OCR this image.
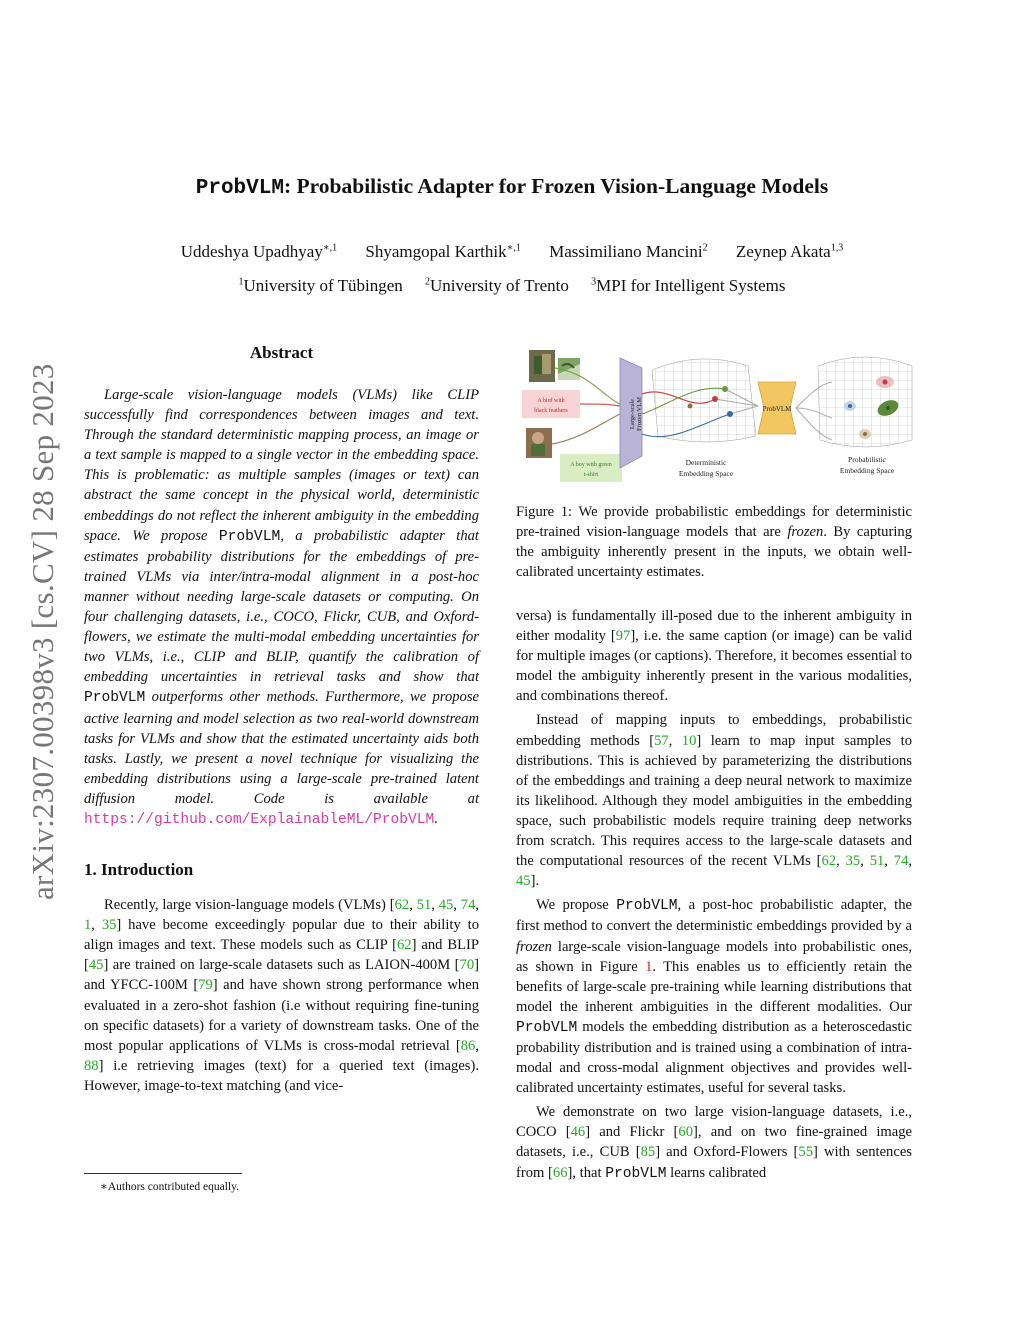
arXiv:2307.00398v3 [cs.CV] 28 Sep 2023
ProbVLM: Probabilistic Adapter for Frozen Vision-Language Models
Uddeshya Upadhyay$^{∗,1}$ Shyamgopal Karthik$^{∗,1}$ Massimiliano Mancini$^2$ Zeynep Akata$^{1,3}$
$^1$University of Tübingen $^2$University of Trento $^3$MPI for Intelligent Systems
Abstract

Large-scale vision-language models (VLMs) like CLIP successfully find correspondences between images and text. Through the standard deterministic mapping process, an image or a text sample is mapped to a single vector in the embedding space. This is problematic: as multiple samples (images or text) can abstract the same concept in the physical world, deterministic embeddings do not reflect the inherent ambiguity in the embedding space. We propose ProbVLM, a probabilistic adapter that estimates probability distributions for the embeddings of pre-trained VLMs via inter/intra-modal alignment in a post-hoc manner without needing large-scale datasets or computing. On four challenging datasets, i.e., COCO, Flickr, CUB, and Oxford-flowers, we estimate the multi-modal embedding uncertainties for two VLMs, i.e., CLIP and BLIP, quantify the calibration of embedding uncertainties in retrieval tasks and show that ProbVLM outperforms other methods. Furthermore, we propose active learning and model selection as two real-world downstream tasks for VLMs and show that the estimated uncertainty aids both tasks. Lastly, we present a novel technique for visualizing the embedding distributions using a large-scale pre-trained latent diffusion model. Code is available at https://github.com/ExplainableML/ProbVLM.

1. Introduction

Recently, large vision-language models (VLMs) [62, 51, 45, 74, 1, 35] have become exceedingly popular due to their ability to align images and text. These models such as CLIP [62] and BLIP [45] are trained on large-scale datasets such as LAION-400M [70] and YFCC-100M [79] and have shown strong performance when evaluated in a zero-shot fashion (i.e without requiring fine-tuning on specific datasets) for a variety of downstream tasks. One of the most popular applications of VLMs is cross-modal retrieval [86, 88] i.e retrieving images (text) for a queried text (images). However, image-to-text matching (and vice-

∗Authors contributed equally.
A bird with
black feathers
A boy with green
t-shirt
Large-scale Frozen VLM
Deterministic
Embedding Space
ProbVLM
Probabilistic
Embedding Space
Figure 1: We provide probabilistic embeddings for deterministic pre-trained vision-language models that are frozen. By capturing the ambiguity inherently present in the inputs, we obtain well-calibrated uncertainty estimates.

versa) is fundamentally ill-posed due to the inherent ambiguity in either modality [97], i.e. the same caption (or image) can be valid for multiple images (or captions). Therefore, it becomes essential to model the ambiguity inherently present in the various modalities, and combinations thereof.

Instead of mapping inputs to embeddings, probabilistic embedding methods [57, 10] learn to map input samples to distributions. This is achieved by parameterizing the distributions of the embeddings and training a deep neural network to maximize its likelihood. Although they model ambiguities in the embedding space, such probabilistic models require training deep networks from scratch. This requires access to the large-scale datasets and the computational resources of the recent VLMs [62, 35, 51, 74, 45].

We propose ProbVLM, a post-hoc probabilistic adapter, the first method to convert the deterministic embeddings provided by a frozen large-scale vision-language models into probabilistic ones, as shown in Figure 1. This enables us to efficiently retain the benefits of large-scale pre-training while learning distributions that model the inherent ambiguities in the different modalities. Our ProbVLM models the embedding distribution as a heteroscedastic probability distribution and is trained using a combination of intra-modal and cross-modal alignment objectives and provides well-calibrated uncertainty estimates, useful for several tasks.

We demonstrate on two large vision-language datasets, i.e., COCO [46] and Flickr [60], and on two fine-grained image datasets, i.e., CUB [85] and Oxford-Flowers [55] with sentences from [66], that ProbVLM learns calibrated
